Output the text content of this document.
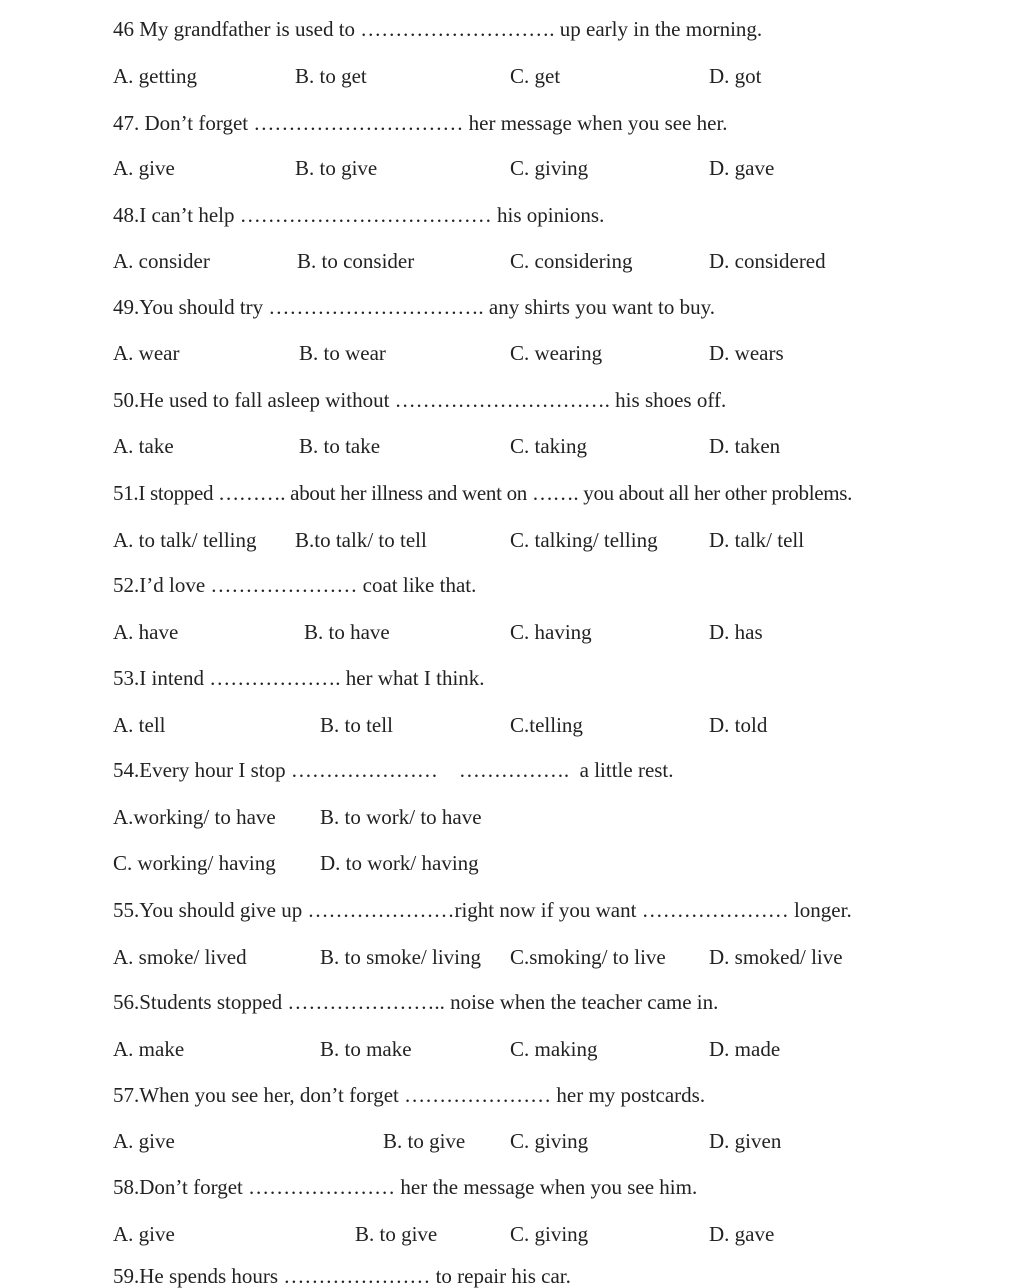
46 My grandfather is used to ………………………. up early in the morning.
A. getting	B. to get	C. get	D. got
47. Don’t forget ………………………… her message when you see her.
A. give	B. to give	C. giving	D. gave
48.I can’t help ……………………………… his opinions.
A. consider	B. to consider	C. considering	D. considered
49.You should try …………………………. any shirts you want to buy.
A. wear	B. to wear	C. wearing	D. wears
50.He used to fall asleep without …………………………. his shoes off.
A. take	B. to take	C. taking	D. taken
51.I stopped ………. about her illness and went on ……. you about all her other problems.
A. to talk/ telling B.to talk/ to tell	C. talking/ telling D. talk/ tell
52.I’d love ………………… coat like that.
A. have	B. to have	C. having	D. has
53.I intend ………………. her what I think.
A. tell	B. to tell	C.telling	D. told
54.Every hour I stop …………………    …………….  a little rest.
A.working/ to have B. to work/ to have
C. working/ having D. to work/ having
55.You should give up …………………right now if you want ………………… longer.
A. smoke/ lived	B. to smoke/ living C.smoking/ to live D. smoked/ live
56.Students stopped ………………….. noise when the teacher came in.
A. make	B. to make	C. making	D. made
57.When you see her, don’t forget ………………… her my postcards.
A. give	B. to give C. giving	D. given
58.Don’t forget ………………… her the message when you see him.
A. give	B. to give	C. giving	D. gave
59.He spends hours ………………… to repair his car.
